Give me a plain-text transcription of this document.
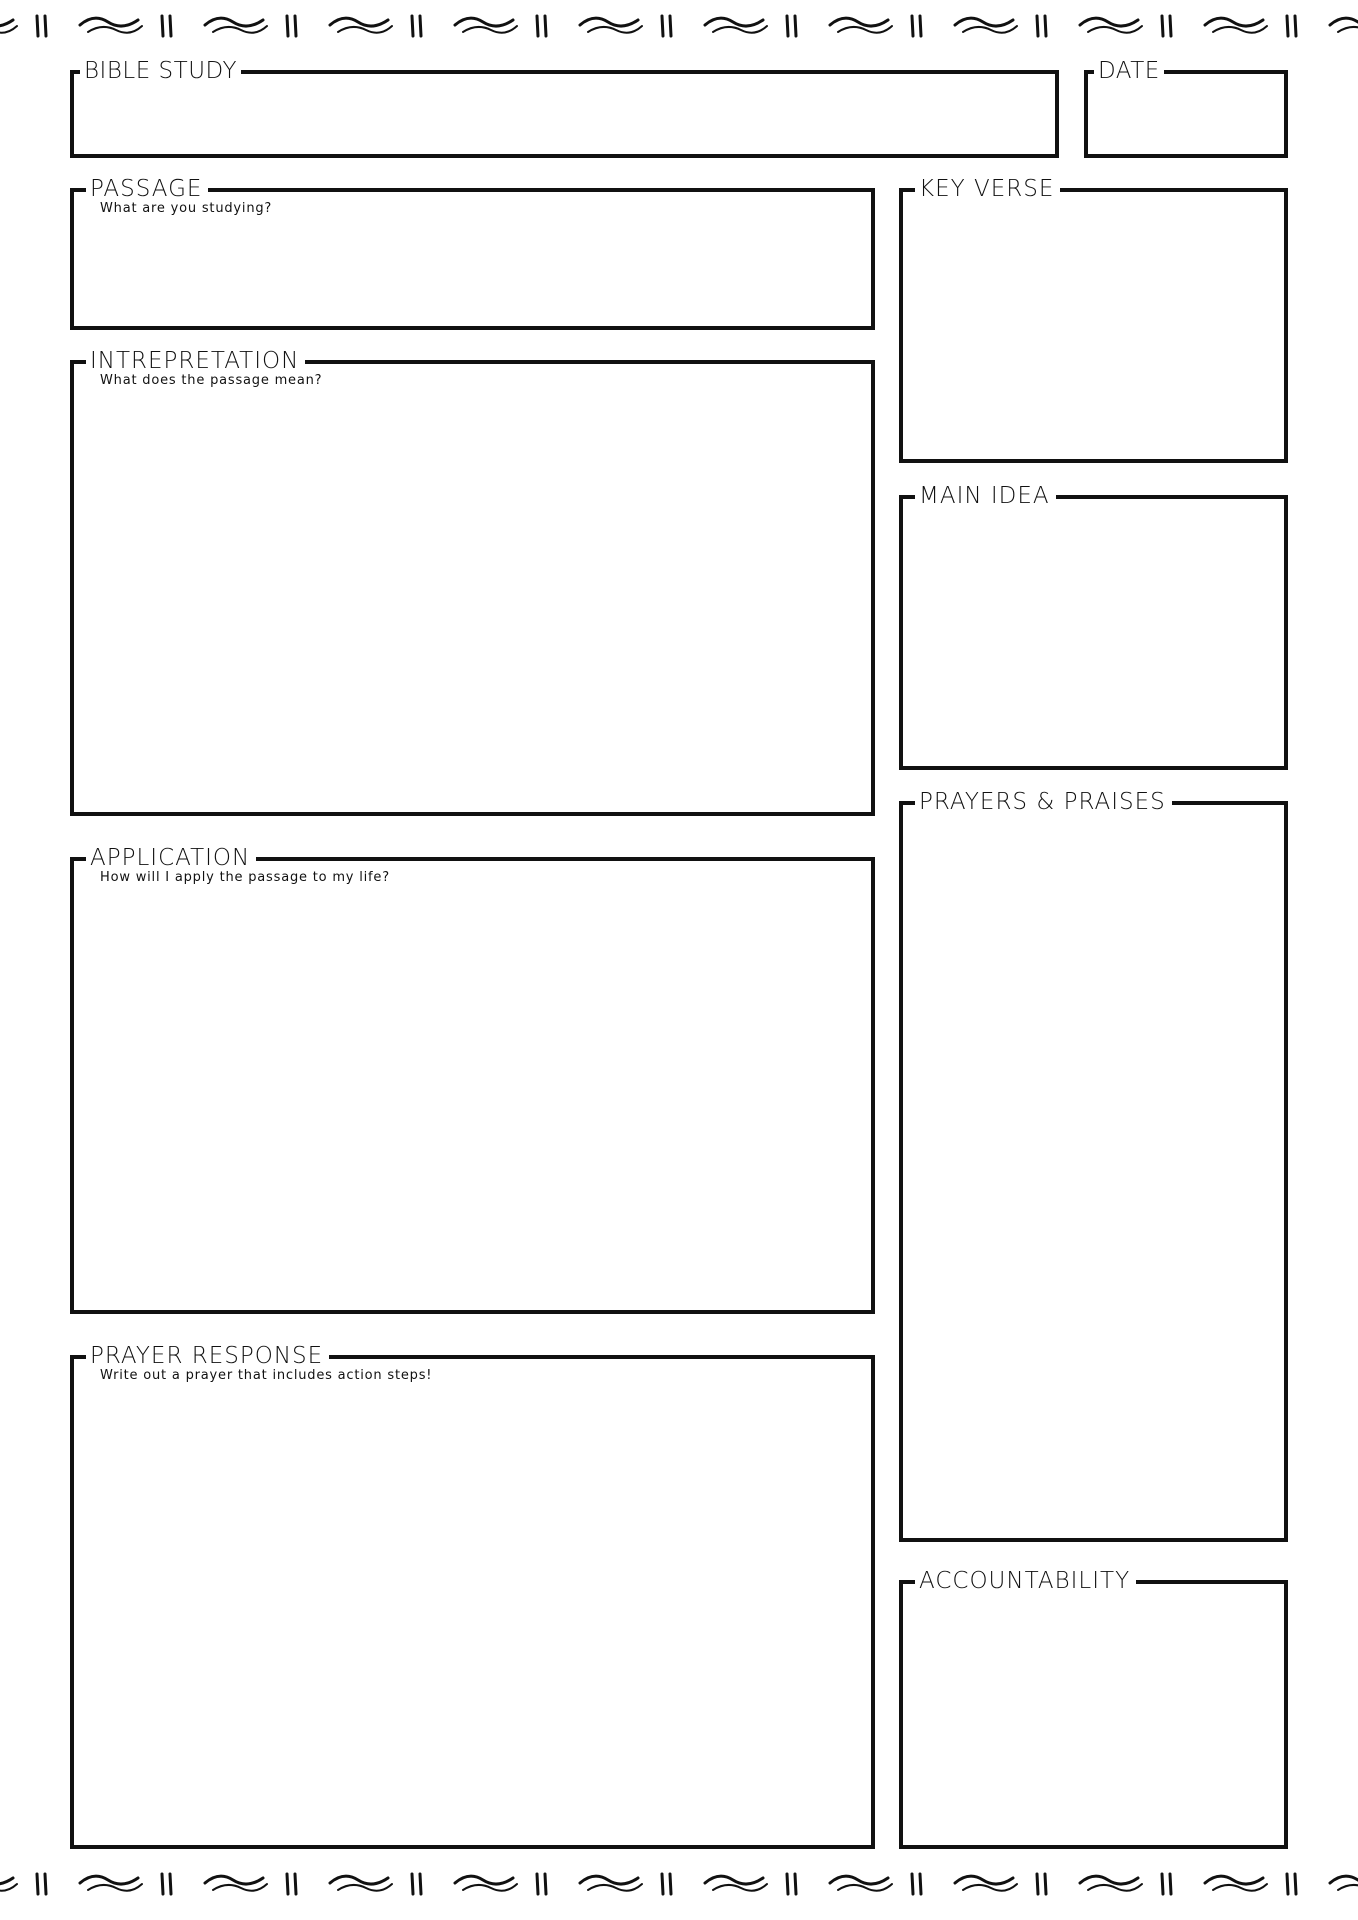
BIBLE STUDY	DATE
PASSAGE
What are you studying?
INTREPRETATION
What does the passage mean?
APPLICATION
How will I apply the passage to my life?
PRAYER RESPONSE
Write out a prayer that includes action steps!
KEY VERSE
MAIN IDEA
PRAYERS & PRAISES
ACCOUNTABILITY
